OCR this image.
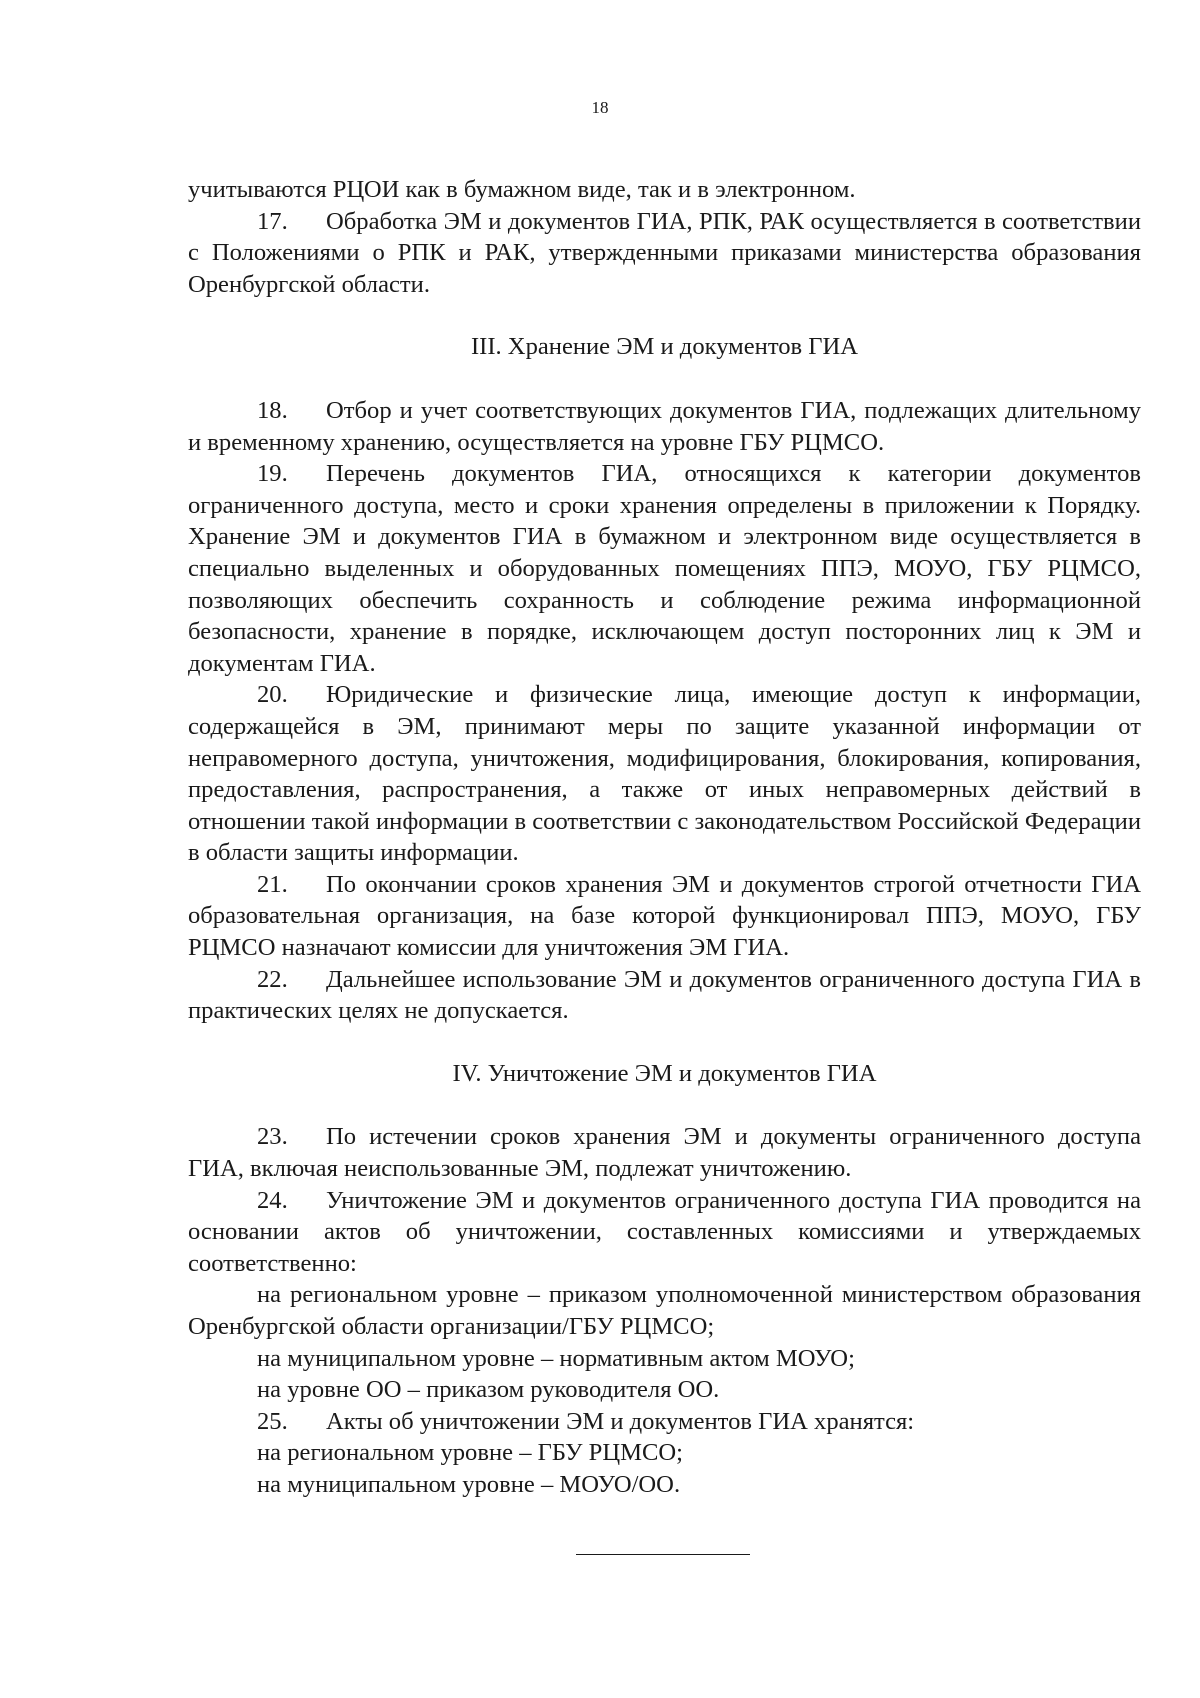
18

учитываются РЦОИ как в бумажном виде, так и в электронном.

17. Обработка ЭМ и документов ГИА, РПК, РАК осуществляется в соответствии с Положениями о РПК и РАК, утвержденными приказами министерства образования Оренбургской области.

III. Хранение ЭМ и документов ГИА

18. Отбор и учет соответствующих документов ГИА, подлежащих длительному и временному хранению, осуществляется на уровне ГБУ РЦМСО.

19. Перечень документов ГИА, относящихся к категории документов ограниченного доступа, место и сроки хранения определены в приложении к Порядку. Хранение ЭМ и документов ГИА в бумажном и электронном виде осуществляется в специально выделенных и оборудованных помещениях ППЭ, МОУО, ГБУ РЦМСО, позволяющих обеспечить сохранность и соблюдение режима информационной безопасности, хранение в порядке, исключающем доступ посторонних лиц к ЭМ и документам ГИА.

20. Юридические и физические лица, имеющие доступ к информации, содержащейся в ЭМ, принимают меры по защите указанной информации от неправомерного доступа, уничтожения, модифицирования, блокирования, копирования, предоставления, распространения, а также от иных неправомерных действий в отношении такой информации в соответствии с законодательством Российской Федерации в области защиты информации.

21. По окончании сроков хранения ЭМ и документов строгой отчетности ГИА образовательная организация, на базе которой функционировал ППЭ, МОУО, ГБУ РЦМСО назначают комиссии для уничтожения ЭМ ГИА.

22. Дальнейшее использование ЭМ и документов ограниченного доступа ГИА в практических целях не допускается.

IV. Уничтожение ЭМ и документов ГИА

23. По истечении сроков хранения ЭМ и документы ограниченного доступа ГИА, включая неиспользованные ЭМ, подлежат уничтожению.

24. Уничтожение ЭМ и документов ограниченного доступа ГИА проводится на основании актов об уничтожении, составленных комиссиями и утверждаемых соответственно:

на региональном уровне – приказом уполномоченной министерством образования Оренбургской области организации/ГБУ РЦМСО;

на муниципальном уровне – нормативным актом МОУО;

на уровне ОО – приказом руководителя ОО.

25. Акты об уничтожении ЭМ и документов ГИА хранятся:

на региональном уровне – ГБУ РЦМСО;

на муниципальном уровне – МОУО/ОО.
